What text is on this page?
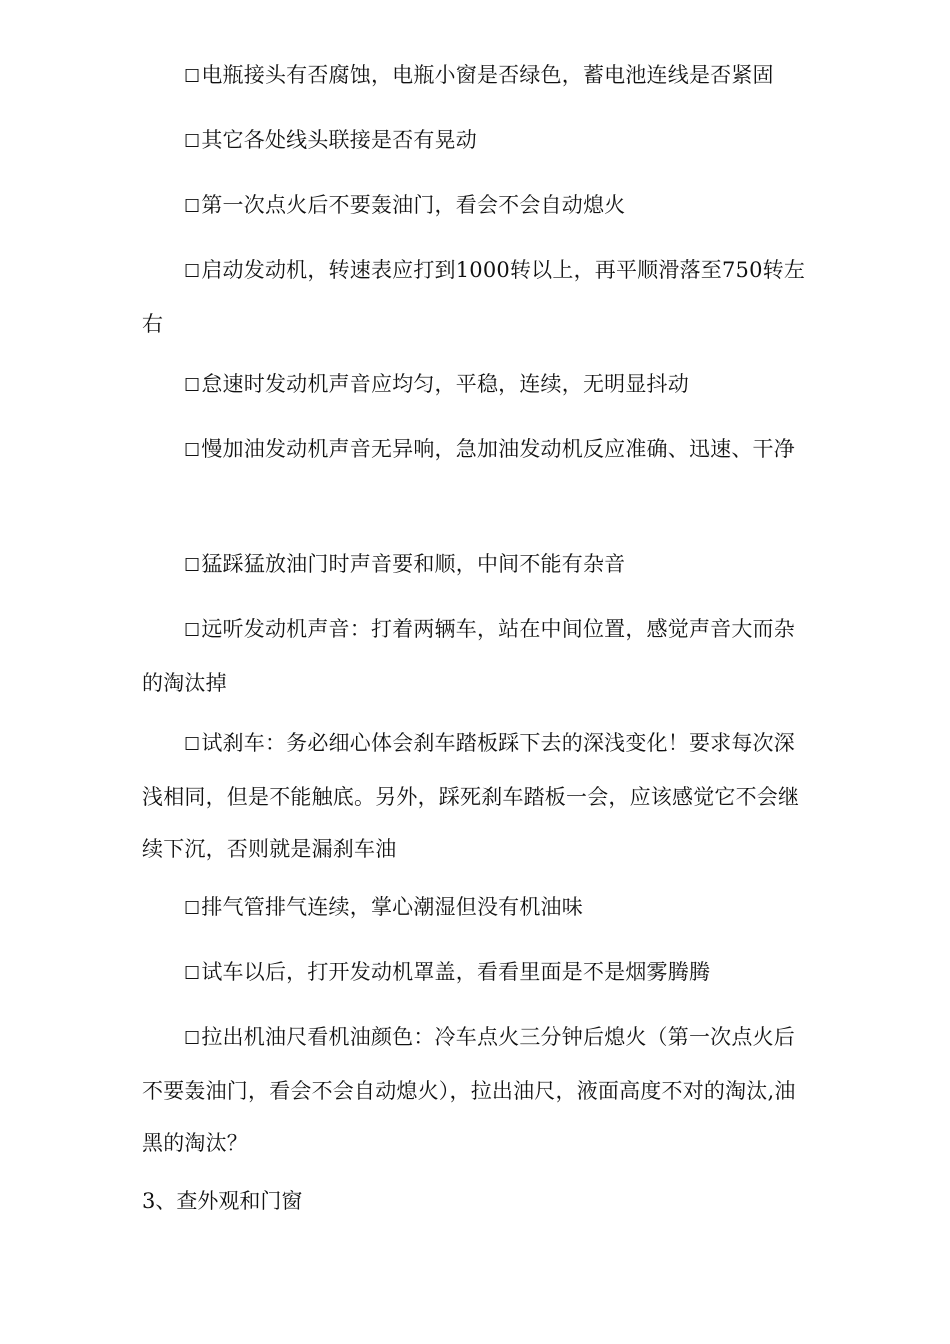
☐电瓶接头有否腐蚀，电瓶小窗是否绿色，蓄电池连线是否紧固

☐其它各处线头联接是否有晃动

☐第一次点火后不要轰油门，看会不会自动熄火

☐启动发动机，转速表应打到1000转以上，再平顺滑落至750转左右

☐怠速时发动机声音应均匀，平稳，连续，无明显抖动

☐慢加油发动机声音无异响，急加油发动机反应准确、迅速、干净

☐猛踩猛放油门时声音要和顺，中间不能有杂音

☐远听发动机声音：打着两辆车，站在中间位置，感觉声音大而杂的淘汰掉

☐试刹车：务必细心体会刹车踏板踩下去的深浅变化！要求每次深浅相同，但是不能触底。另外，踩死刹车踏板一会，应该感觉它不会继续下沉，否则就是漏刹车油

☐排气管排气连续，掌心潮湿但没有机油味

☐试车以后，打开发动机罩盖，看看里面是不是烟雾腾腾

☐拉出机油尺看机油颜色：冷车点火三分钟后熄火（第一次点火后不要轰油门，看会不会自动熄火），拉出油尺，液面高度不对的淘汰,油黑的淘汰？

3、查外观和门窗
